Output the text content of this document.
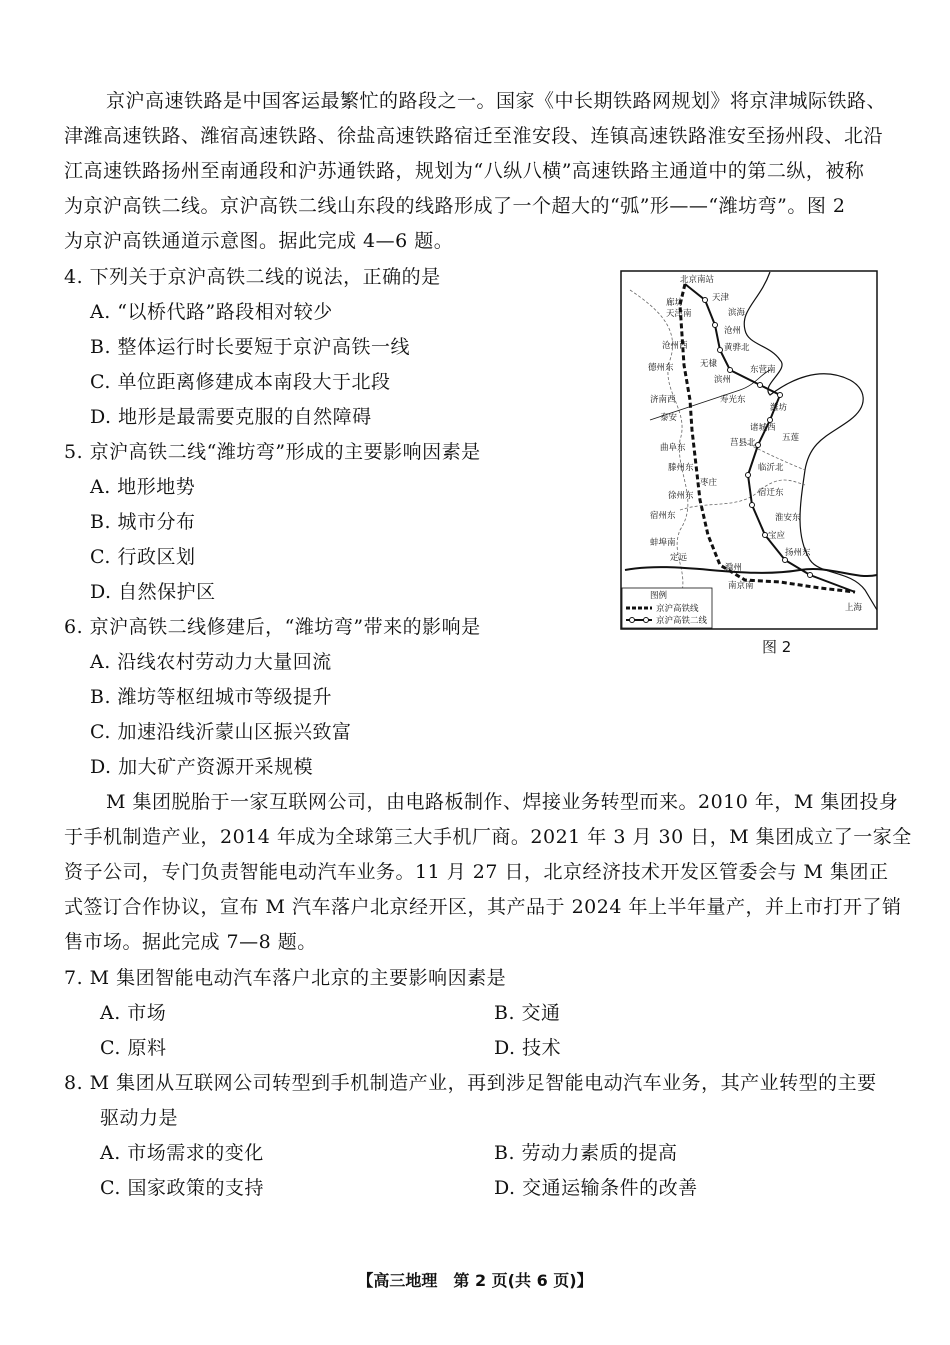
京沪高速铁路是中国客运最繁忙的路段之一。国家《中长期铁路网规划》将京津城际铁路、
津潍高速铁路、潍宿高速铁路、徐盐高速铁路宿迁至淮安段、连镇高速铁路淮安至扬州段、北沿
江高速铁路扬州至南通段和沪苏通铁路，规划为“八纵八横”高速铁路主通道中的第二纵，被称
为京沪高铁二线。京沪高铁二线山东段的线路形成了一个超大的“弧”形——“潍坊弯”。图 2
为京沪高铁通道示意图。据此完成 4—6 题。
4. 下列关于京沪高铁二线的说法，正确的是
A. “以桥代路”路段相对较少
B. 整体运行时长要短于京沪高铁一线
C. 单位距离修建成本南段大于北段
D. 地形是最需要克服的自然障碍
5. 京沪高铁二线“潍坊弯”形成的主要影响因素是
A. 地形地势
B. 城市分布
C. 行政区划
D. 自然保护区
6. 京沪高铁二线修建后，“潍坊弯”带来的影响是
A. 沿线农村劳动力大量回流
B. 潍坊等枢纽城市等级提升
C. 加速沿线沂蒙山区振兴致富
D. 加大矿产资源开采规模
M 集团脱胎于一家互联网公司，由电路板制作、焊接业务转型而来。2010 年，M 集团投身
于手机制造产业，2014 年成为全球第三大手机厂商。2021 年 3 月 30 日，M 集团成立了一家全
资子公司，专门负责智能电动汽车业务。11 月 27 日，北京经济技术开发区管委会与 M 集团正
式签订合作协议，宣布 M 汽车落户北京经开区，其产品于 2024 年上半年量产，并上市打开了销
售市场。据此完成 7—8 题。
7. M 集团智能电动汽车落户北京的主要影响因素是
A. 市场	B. 交通
C. 原料	D. 技术
8. M 集团从互联网公司转型到手机制造产业，再到涉足智能电动汽车业务，其产业转型的主要
驱动力是
A. 市场需求的变化	B. 劳动力素质的提高
C. 国家政策的支持	D. 交通运输条件的改善
北京南站
廊坊
天津南
天津
滨海
沧州西
沧州
黄骅北
德州东	无棣
滨州
东营南
济南西	寿光东
潍坊
泰安
诸城西
莒县北	五莲
曲阜东
临沂北
滕州东
枣庄
徐州东	宿迁东
淮安东
宿州东
蚌埠南
宝应
定远	扬州东
滁州
南京南
上海
图例
京沪高铁线
京沪高铁二线
图 2
【高三地理　第 2 页(共 6 页)】
